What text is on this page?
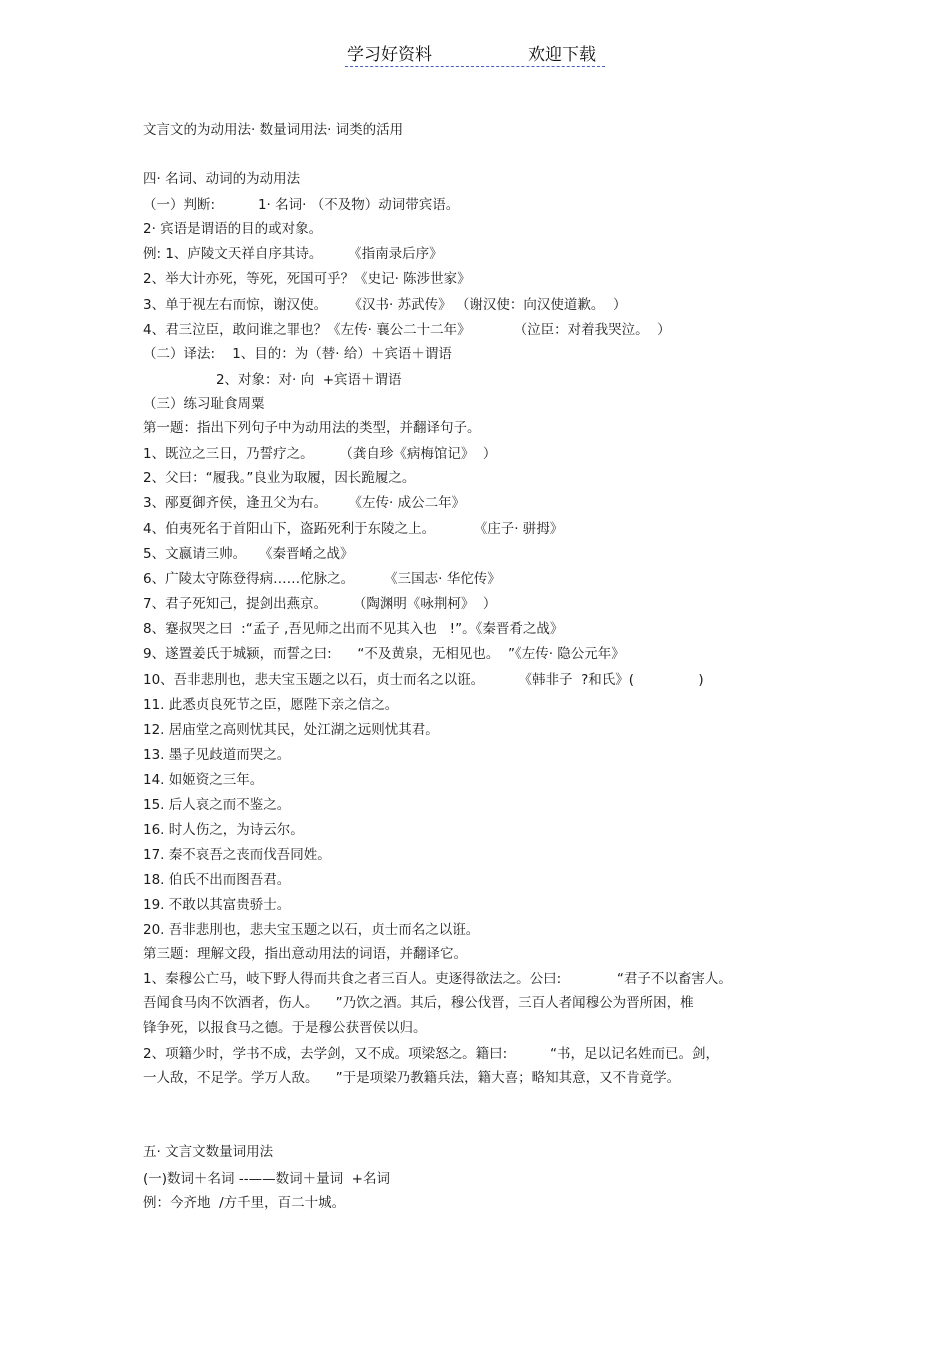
学习好资料	欢迎下载
文言文的为动用法· 数量词用法· 词类的活用
四· 名词、动词的为动用法
（一）判断:          1· 名词· （不及物）动词带宾语。
2· 宾语是谓语的目的或对象。
例: 1、庐陵文天祥自序其诗。      《指南录后序》
2、举大计亦死，等死，死国可乎？《史记· 陈涉世家》
3、单于视左右而惊，谢汉使。     《汉书· 苏武传》 （谢汉使：向汉使道歉。  ）
4、君三泣臣，敢问谁之罪也？《左传· 襄公二十二年》          （泣臣：对着我哭泣。  ）
（二）译法:    1、目的：为（替· 给）＋宾语＋谓语
2、对象：对· 向  +宾语＋谓语
（三）练习耻食周粟
第一题：指出下列句子中为动用法的类型，并翻译句子。
1、既泣之三日，乃誓疗之。      （龚自珍《病梅馆记》  ）
2、父曰：“履我。”良业为取履，因长跪履之。
3、邴夏御齐侯，逢丑父为右。     《左传· 成公二年》
4、伯夷死名于首阳山下，盗跖死利于东陵之上。         《庄子· 骈拇》
5、文嬴请三帅。   《秦晋崤之战》
6、广陵太守陈登得病……佗脉之。       《三国志· 华佗传》
7、君子死知己，提剑出燕京。      （陶渊明《咏荆柯》  ）
8、蹇叔哭之曰  :“孟子 ,吾见师之出而不见其入也   !”。《秦晋肴之战》
9、遂置姜氏于城颍，而誓之曰:      “不及黄泉，无相见也。  ”《左传· 隐公元年》
10、吾非悲刖也，悲夫宝玉题之以石，贞士而名之以诳。        《韩非子  ?和氏》(               )
11. 此悉贞良死节之臣，愿陛下亲之信之。
12. 居庙堂之高则忧其民，处江湖之远则忧其君。
13. 墨子见歧道而哭之。
14. 如姬资之三年。
15. 后人哀之而不鉴之。
16. 时人伤之，为诗云尔。
17. 秦不哀吾之丧而伐吾同姓。
18. 伯氏不出而图吾君。
19. 不敢以其富贵骄士。
20. 吾非悲刖也，悲夫宝玉题之以石，贞士而名之以诳。
第三题：理解文段，指出意动用法的词语，并翻译它。
1、秦穆公亡马，岐下野人得而共食之者三百人。吏逐得欲法之。公曰:             “君子不以畜害人。
吾闻食马肉不饮酒者，伤人。    ”乃饮之酒。其后，穆公伐晋，三百人者闻穆公为晋所困，椎
锋争死，以报食马之德。于是穆公获晋侯以归。
2、项籍少时，学书不成，去学剑，又不成。项梁怒之。籍曰:          “书，足以记名姓而已。剑，
一人敌，不足学。学万人敌。    ”于是项梁乃教籍兵法，籍大喜；略知其意，又不肯竟学。
五· 文言文数量词用法
(一)数词＋名词 --——数词＋量词  +名词
例：今齐地  /方千里，百二十城。
